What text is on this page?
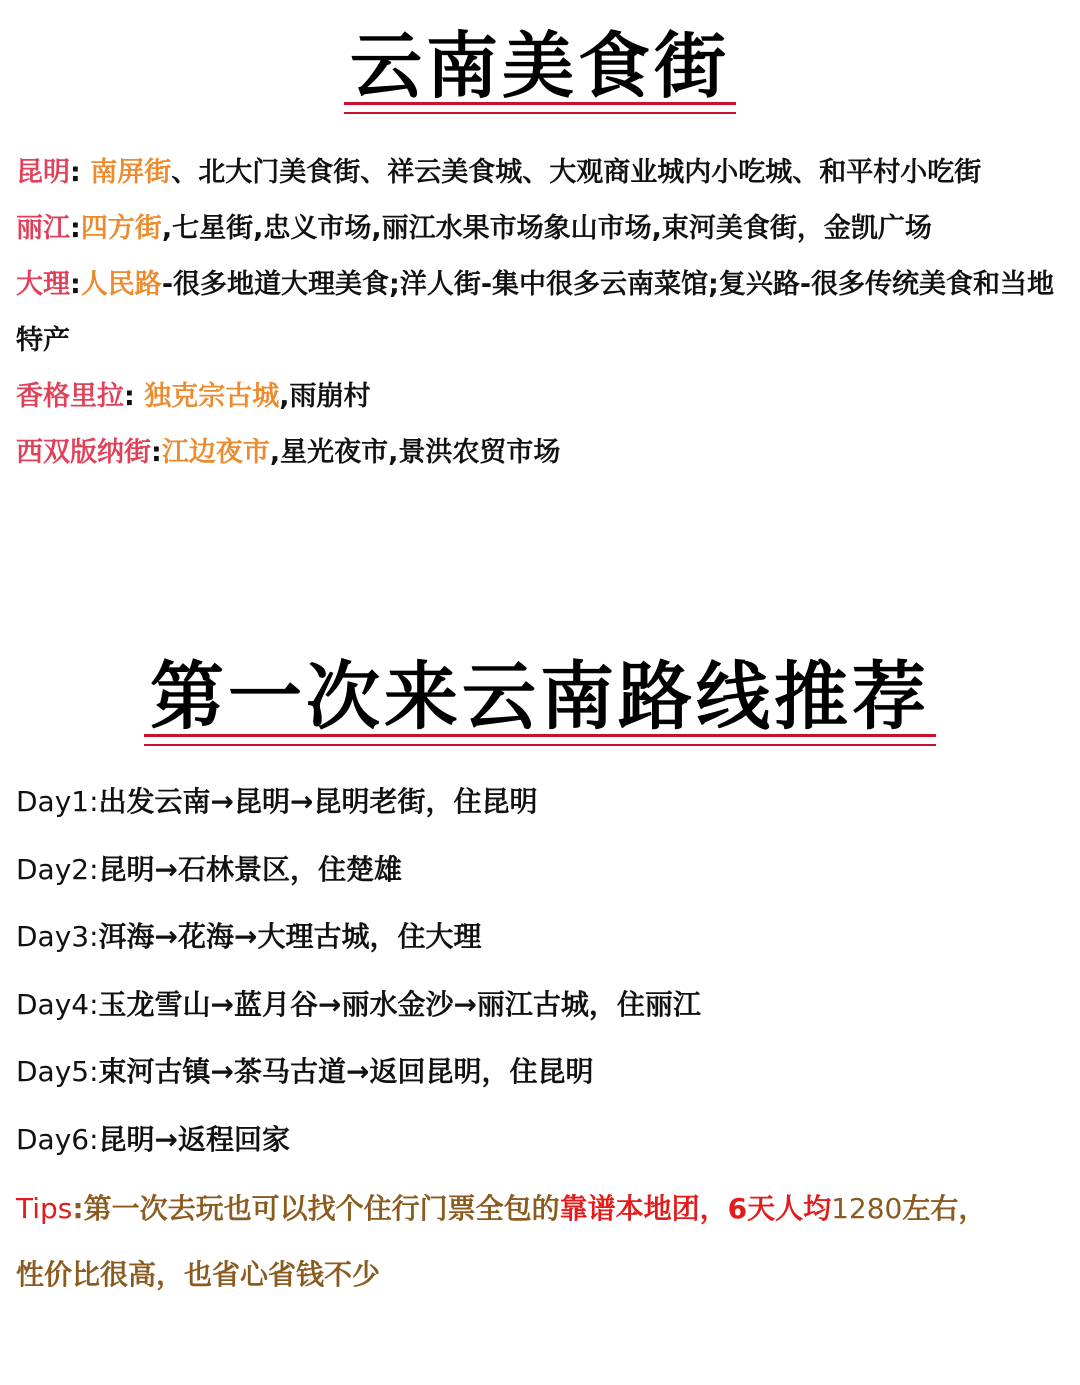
云南美食街

昆明: 南屏街、北大门美食街、祥云美食城、大观商业城内小吃城、和平村小吃街

丽江:四方街,七星街,忠义市场,丽江水果市场象山市场,束河美食街，金凯广场

大理:人民路-很多地道大理美食;洋人街-集中很多云南菜馆;复兴路-很多传统美食和当地特产

香格里拉: 独克宗古城,雨崩村

西双版纳街:江边夜市,星光夜市,景洪农贸市场

第一次来云南路线推荐

Day1:出发云南→昆明→昆明老街，住昆明

Day2:昆明→石林景区，住楚雄

Day3:洱海→花海→大理古城，住大理

Day4:玉龙雪山→蓝月谷→丽水金沙→丽江古城，住丽江

Day5:束河古镇→茶马古道→返回昆明，住昆明

Day6:昆明→返程回家

Tips:第一次去玩也可以找个住行门票全包的靠谱本地团，6天人均1280左右，
性价比很高，也省心省钱不少
